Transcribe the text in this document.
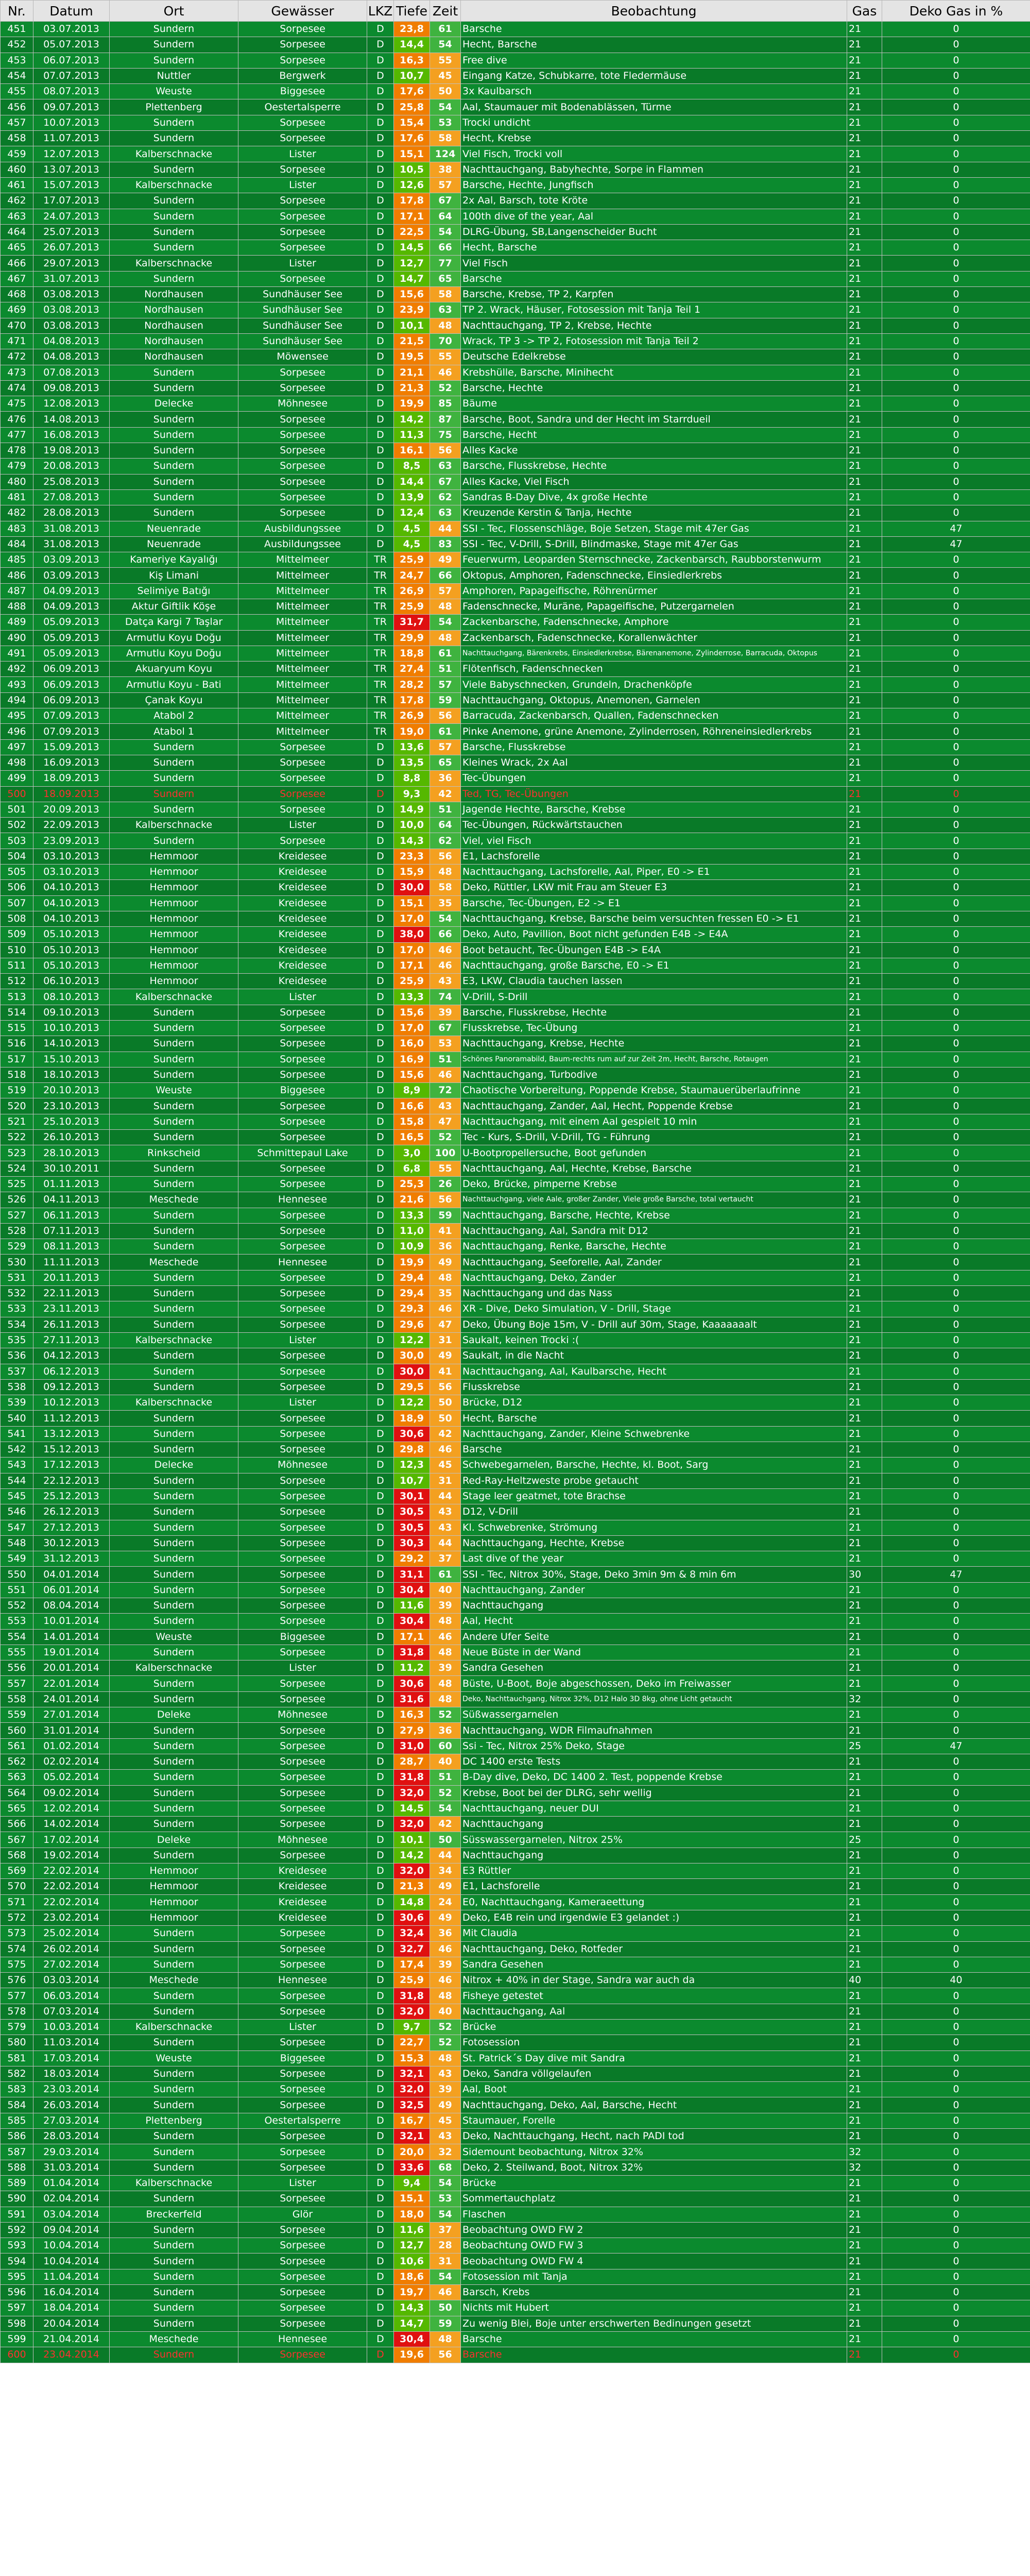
Nr.	Datum	Ort	Gewässer	LKZ	Tiefe	Zeit	Beobachtung	Gas	Deko Gas in %
451	03.07.2013	Sundern	Sorpesee	D	23,8	61	Barsche	21	0
452	05.07.2013	Sundern	Sorpesee	D	14,4	54	Hecht, Barsche	21	0
453	06.07.2013	Sundern	Sorpesee	D	16,3	55	Free dive	21	0
454	07.07.2013	Nuttler	Bergwerk	D	10,7	45	Eingang Katze, Schubkarre, tote Fledermäuse	21	0
455	08.07.2013	Weuste	Biggesee	D	17,6	50	3x Kaulbarsch	21	0
456	09.07.2013	Plettenberg	Oestertalsperre	D	25,8	54	Aal, Staumauer mit Bodenablässen, Türme	21	0
457	10.07.2013	Sundern	Sorpesee	D	15,4	53	Trocki undicht	21	0
458	11.07.2013	Sundern	Sorpesee	D	17,6	58	Hecht, Krebse	21	0
459	12.07.2013	Kalberschnacke	Lister	D	15,1	124	Viel Fisch, Trocki voll	21	0
460	13.07.2013	Sundern	Sorpesee	D	10,5	38	Nachttauchgang, Babyhechte, Sorpe in Flammen	21	0
461	15.07.2013	Kalberschnacke	Lister	D	12,6	57	Barsche, Hechte, Jungfisch	21	0
462	17.07.2013	Sundern	Sorpesee	D	17,8	67	2x Aal, Barsch, tote Kröte	21	0
463	24.07.2013	Sundern	Sorpesee	D	17,1	64	100th dive of the year, Aal	21	0
464	25.07.2013	Sundern	Sorpesee	D	22,5	54	DLRG-Übung, SB,Langenscheider Bucht	21	0
465	26.07.2013	Sundern	Sorpesee	D	14,5	66	Hecht, Barsche	21	0
466	29.07.2013	Kalberschnacke	Lister	D	12,7	77	Viel Fisch	21	0
467	31.07.2013	Sundern	Sorpesee	D	14,7	65	Barsche	21	0
468	03.08.2013	Nordhausen	Sundhäuser See	D	15,6	58	Barsche, Krebse, TP 2, Karpfen	21	0
469	03.08.2013	Nordhausen	Sundhäuser See	D	23,9	63	TP 2. Wrack, Häuser, Fotosession mit Tanja Teil 1	21	0
470	03.08.2013	Nordhausen	Sundhäuser See	D	10,1	48	Nachttauchgang, TP 2, Krebse, Hechte	21	0
471	04.08.2013	Nordhausen	Sundhäuser See	D	21,5	70	Wrack, TP 3 -> TP 2, Fotosession mit Tanja Teil 2	21	0
472	04.08.2013	Nordhausen	Möwensee	D	19,5	55	Deutsche Edelkrebse	21	0
473	07.08.2013	Sundern	Sorpesee	D	21,1	46	Krebshülle, Barsche, Minihecht	21	0
474	09.08.2013	Sundern	Sorpesee	D	21,3	52	Barsche, Hechte	21	0
475	12.08.2013	Delecke	Möhnesee	D	19,9	85	Bäume	21	0
476	14.08.2013	Sundern	Sorpesee	D	14,2	87	Barsche, Boot, Sandra und der Hecht im Starrdueil	21	0
477	16.08.2013	Sundern	Sorpesee	D	11,3	75	Barsche, Hecht	21	0
478	19.08.2013	Sundern	Sorpesee	D	16,1	56	Alles Kacke	21	0
479	20.08.2013	Sundern	Sorpesee	D	8,5	63	Barsche, Flusskrebse, Hechte	21	0
480	25.08.2013	Sundern	Sorpesee	D	14,4	67	Alles Kacke, Viel Fisch	21	0
481	27.08.2013	Sundern	Sorpesee	D	13,9	62	Sandras B-Day Dive, 4x große Hechte	21	0
482	28.08.2013	Sundern	Sorpesee	D	12,4	63	Kreuzende Kerstin & Tanja, Hechte	21	0
483	31.08.2013	Neuenrade	Ausbildungssee	D	4,5	44	SSI - Tec, Flossenschläge, Boje Setzen, Stage mit 47er Gas	21	47
484	31.08.2013	Neuenrade	Ausbildungssee	D	4,5	83	SSI - Tec, V-Drill, S-Drill, Blindmaske, Stage mit 47er Gas	21	47
485	03.09.2013	Kameriye Kayalığı	Mittelmeer	TR	25,9	49	Feuerwurm, Leoparden Sternschnecke, Zackenbarsch, Raubborstenwurm	21	0
486	03.09.2013	Kiş Limani	Mittelmeer	TR	24,7	66	Oktopus, Amphoren, Fadenschnecke, Einsiedlerkrebs	21	0
487	04.09.2013	Selimiye Batığı	Mittelmeer	TR	26,9	57	Amphoren, Papageifische, Röhrenürmer	21	0
488	04.09.2013	Aktur Giftlik Köşe	Mittelmeer	TR	25,9	48	Fadenschnecke, Muräne, Papageifische, Putzergarnelen	21	0
489	05.09.2013	Datça Kargi 7 Taşlar	Mittelmeer	TR	31,7	54	Zackenbarsche, Fadenschnecke, Amphore	21	0
490	05.09.2013	Armutlu Koyu Doğu	Mittelmeer	TR	29,9	48	Zackenbarsch, Fadenschnecke, Korallenwächter	21	0
491	05.09.2013	Armutlu Koyu Doğu	Mittelmeer	TR	18,8	61	Nachttauchgang, Bärenkrebs, Einsiedlerkrebse, Bärenanemone, Zylinderrose, Barracuda, Oktopus	21	0
492	06.09.2013	Akuaryum Koyu	Mittelmeer	TR	27,4	51	Flötenfisch, Fadenschnecken	21	0
493	06.09.2013	Armutlu Koyu - Bati	Mittelmeer	TR	28,2	57	Viele Babyschnecken, Grundeln, Drachenköpfe	21	0
494	06.09.2013	Çanak Koyu	Mittelmeer	TR	17,8	59	Nachttauchgang, Oktopus, Anemonen, Garnelen	21	0
495	07.09.2013	Atabol 2	Mittelmeer	TR	26,9	56	Barracuda, Zackenbarsch, Quallen, Fadenschnecken	21	0
496	07.09.2013	Atabol 1	Mittelmeer	TR	19,0	61	Pinke Anemone, grüne Anemone, Zylinderrosen, Röhreneinsiedlerkrebs	21	0
497	15.09.2013	Sundern	Sorpesee	D	13,6	57	Barsche, Flusskrebse	21	0
498	16.09.2013	Sundern	Sorpesee	D	13,5	65	Kleines Wrack, 2x Aal	21	0
499	18.09.2013	Sundern	Sorpesee	D	8,8	36	Tec-Übungen	21	0
500	18.09.2013	Sundern	Sorpesee	D	9,3	42	Ted, TG, Tec-Übungen	21	0
501	20.09.2013	Sundern	Sorpesee	D	14,9	51	Jagende Hechte, Barsche, Krebse	21	0
502	22.09.2013	Kalberschnacke	Lister	D	10,0	64	Tec-Übungen, Rückwärtstauchen	21	0
503	23.09.2013	Sundern	Sorpesee	D	14,3	62	Viel, viel Fisch	21	0
504	03.10.2013	Hemmoor	Kreidesee	D	23,3	56	E1, Lachsforelle	21	0
505	03.10.2013	Hemmoor	Kreidesee	D	15,9	48	Nachttauchgang, Lachsforelle, Aal, Piper, E0 -> E1	21	0
506	04.10.2013	Hemmoor	Kreidesee	D	30,0	58	Deko, Rüttler, LKW mit Frau am Steuer E3	21	0
507	04.10.2013	Hemmoor	Kreidesee	D	15,1	35	Barsche, Tec-Übungen, E2 -> E1	21	0
508	04.10.2013	Hemmoor	Kreidesee	D	17,0	54	Nachttauchgang, Krebse, Barsche beim versuchten fressen E0 -> E1	21	0
509	05.10.2013	Hemmoor	Kreidesee	D	38,0	66	Deko, Auto, Pavillion, Boot nicht gefunden E4B -> E4A	21	0
510	05.10.2013	Hemmoor	Kreidesee	D	17,0	46	Boot betaucht, Tec-Übungen E4B -> E4A	21	0
511	05.10.2013	Hemmoor	Kreidesee	D	17,1	46	Nachttauchgang, große Barsche, E0 -> E1	21	0
512	06.10.2013	Hemmoor	Kreidesee	D	25,9	43	E3, LKW, Claudia tauchen lassen	21	0
513	08.10.2013	Kalberschnacke	Lister	D	13,3	74	V-Drill, S-Drill	21	0
514	09.10.2013	Sundern	Sorpesee	D	15,6	39	Barsche, Flusskrebse, Hechte	21	0
515	10.10.2013	Sundern	Sorpesee	D	17,0	67	Flusskrebse, Tec-Übung	21	0
516	14.10.2013	Sundern	Sorpesee	D	16,0	53	Nachttauchgang, Krebse, Hechte	21	0
517	15.10.2013	Sundern	Sorpesee	D	16,9	51	Schönes Panoramabild, Baum-rechts rum auf zur Zeit 2m, Hecht, Barsche, Rotaugen	21	0
518	18.10.2013	Sundern	Sorpesee	D	15,6	46	Nachttauchgang, Turbodive	21	0
519	20.10.2013	Weuste	Biggesee	D	8,9	72	Chaotische Vorbereitung, Poppende Krebse, Staumauerüberlaufrinne	21	0
520	23.10.2013	Sundern	Sorpesee	D	16,6	43	Nachttauchgang, Zander, Aal, Hecht, Poppende Krebse	21	0
521	25.10.2013	Sundern	Sorpesee	D	15,8	47	Nachttauchgang, mit einem Aal gespielt 10 min	21	0
522	26.10.2013	Sundern	Sorpesee	D	16,5	52	Tec - Kurs, S-Drill, V-Drill, TG - Führung	21	0
523	28.10.2013	Rinkscheid	Schmittepaul Lake	D	3,0	100	U-Bootpropellersuche, Boot gefunden	21	0
524	30.10.2011	Sundern	Sorpesee	D	6,8	55	Nachttauchgang, Aal, Hechte, Krebse, Barsche	21	0
525	01.11.2013	Sundern	Sorpesee	D	25,3	26	Deko, Brücke, pimperne Krebse	21	0
526	04.11.2013	Meschede	Hennesee	D	21,6	56	Nachttauchgang, viele Aale, großer Zander, Viele große Barsche, total vertaucht	21	0
527	06.11.2013	Sundern	Sorpesee	D	13,3	59	Nachttauchgang, Barsche, Hechte, Krebse	21	0
528	07.11.2013	Sundern	Sorpesee	D	11,0	41	Nachttauchgang, Aal, Sandra mit D12	21	0
529	08.11.2013	Sundern	Sorpesee	D	10,9	36	Nachttauchgang, Renke, Barsche, Hechte	21	0
530	11.11.2013	Meschede	Hennesee	D	19,9	49	Nachttauchgang, Seeforelle, Aal, Zander	21	0
531	20.11.2013	Sundern	Sorpesee	D	29,4	48	Nachttauchgang, Deko, Zander	21	0
532	22.11.2013	Sundern	Sorpesee	D	29,4	35	Nachttauchgang und das Nass	21	0
533	23.11.2013	Sundern	Sorpesee	D	29,3	46	XR - Dive, Deko Simulation, V - Drill, Stage	21	0
534	26.11.2013	Sundern	Sorpesee	D	29,6	47	Deko, Übung Boje 15m, V - Drill auf 30m, Stage, Kaaaaaaalt	21	0
535	27.11.2013	Kalberschnacke	Lister	D	12,2	31	Saukalt, keinen Trocki :(	21	0
536	04.12.2013	Sundern	Sorpesee	D	30,0	49	Saukalt, in die Nacht	21	0
537	06.12.2013	Sundern	Sorpesee	D	30,0	41	Nachttauchgang, Aal, Kaulbarsche, Hecht	21	0
538	09.12.2013	Sundern	Sorpesee	D	29,5	56	Flusskrebse	21	0
539	10.12.2013	Kalberschnacke	Lister	D	12,2	50	Brücke, D12	21	0
540	11.12.2013	Sundern	Sorpesee	D	18,9	50	Hecht, Barsche	21	0
541	13.12.2013	Sundern	Sorpesee	D	30,6	42	Nachttauchgang, Zander, Kleine Schwebrenke	21	0
542	15.12.2013	Sundern	Sorpesee	D	29,8	46	Barsche	21	0
543	17.12.2013	Delecke	Möhnesee	D	12,3	45	Schwebegarnelen, Barsche, Hechte, kl. Boot, Sarg	21	0
544	22.12.2013	Sundern	Sorpesee	D	10,7	31	Red-Ray-Heltzweste probe getaucht	21	0
545	25.12.2013	Sundern	Sorpesee	D	30,1	44	Stage leer geatmet, tote Brachse	21	0
546	26.12.2013	Sundern	Sorpesee	D	30,5	43	D12, V-Drill	21	0
547	27.12.2013	Sundern	Sorpesee	D	30,5	43	Kl. Schwebrenke, Strömung	21	0
548	30.12.2013	Sundern	Sorpesee	D	30,3	44	Nachttauchgang, Hechte, Krebse	21	0
549	31.12.2013	Sundern	Sorpesee	D	29,2	37	Last dive of the year	21	0
550	04.01.2014	Sundern	Sorpesee	D	31,1	61	SSI - Tec, Nitrox 30%, Stage, Deko 3min 9m & 8 min 6m	30	47
551	06.01.2014	Sundern	Sorpesee	D	30,4	40	Nachttauchgang, Zander	21	0
552	08.04.2014	Sundern	Sorpesee	D	11,6	39	Nachttauchgang	21	0
553	10.01.2014	Sundern	Sorpesee	D	30,4	48	Aal, Hecht	21	0
554	14.01.2014	Weuste	Biggesee	D	17,1	46	Andere Ufer Seite	21	0
555	19.01.2014	Sundern	Sorpesee	D	31,8	48	Neue Büste in der Wand	21	0
556	20.01.2014	Kalberschnacke	Lister	D	11,2	39	Sandra Gesehen	21	0
557	22.01.2014	Sundern	Sorpesee	D	30,6	48	Büste, U-Boot, Boje abgeschossen, Deko im Freiwasser	21	0
558	24.01.2014	Sundern	Sorpesee	D	31,6	48	Deko, Nachttauchgang, Nitrox 32%, D12 Halo 3D 8kg, ohne Licht getaucht	32	0
559	27.01.2014	Deleke	Möhnesee	D	16,3	52	Süßwassergarnelen	21	0
560	31.01.2014	Sundern	Sorpesee	D	27,9	36	Nachttauchgang, WDR Filmaufnahmen	21	0
561	01.02.2014	Sundern	Sorpesee	D	31,0	60	Ssi - Tec, Nitrox 25% Deko, Stage	25	47
562	02.02.2014	Sundern	Sorpesee	D	28,7	40	DC 1400 erste Tests	21	0
563	05.02.2014	Sundern	Sorpesee	D	31,8	51	B-Day dive, Deko, DC 1400 2. Test, poppende Krebse	21	0
564	09.02.2014	Sundern	Sorpesee	D	32,0	52	Krebse, Boot bei der DLRG, sehr wellig	21	0
565	12.02.2014	Sundern	Sorpesee	D	14,5	54	Nachttauchgang, neuer DUI	21	0
566	14.02.2014	Sundern	Sorpesee	D	32,0	42	Nachttauchgang	21	0
567	17.02.2014	Deleke	Möhnesee	D	10,1	50	Süsswassergarnelen, Nitrox 25%	25	0
568	19.02.2014	Sundern	Sorpesee	D	14,2	44	Nachttauchgang	21	0
569	22.02.2014	Hemmoor	Kreidesee	D	32,0	34	E3 Rüttler	21	0
570	22.02.2014	Hemmoor	Kreidesee	D	21,3	49	E1, Lachsforelle	21	0
571	22.02.2014	Hemmoor	Kreidesee	D	14,8	24	E0, Nachttauchgang, Kameraeettung	21	0
572	23.02.2014	Hemmoor	Kreidesee	D	30,6	49	Deko, E4B rein und irgendwie E3 gelandet :)	21	0
573	25.02.2014	Sundern	Sorpesee	D	32,4	36	Mit Claudia	21	0
574	26.02.2014	Sundern	Sorpesee	D	32,7	46	Nachttauchgang, Deko, Rotfeder	21	0
575	27.02.2014	Sundern	Sorpesee	D	17,4	39	Sandra Gesehen	21	0
576	03.03.2014	Meschede	Hennesee	D	25,9	46	Nitrox + 40% in der Stage, Sandra war auch da	40	40
577	06.03.2014	Sundern	Sorpesee	D	31,8	48	Fisheye getestet	21	0
578	07.03.2014	Sundern	Sorpesee	D	32,0	40	Nachttauchgang, Aal	21	0
579	10.03.2014	Kalberschnacke	Lister	D	9,7	52	Brücke	21	0
580	11.03.2014	Sundern	Sorpesee	D	22,7	52	Fotosession	21	0
581	17.03.2014	Weuste	Biggesee	D	15,3	48	St. Patrick´s Day dive mit Sandra	21	0
582	18.03.2014	Sundern	Sorpesee	D	32,1	43	Deko, Sandra völlgelaufen	21	0
583	23.03.2014	Sundern	Sorpesee	D	32,0	39	Aal, Boot	21	0
584	26.03.2014	Sundern	Sorpesee	D	32,5	49	Nachttauchgang, Deko, Aal, Barsche, Hecht	21	0
585	27.03.2014	Plettenberg	Oestertalsperre	D	16,7	45	Staumauer, Forelle	21	0
586	28.03.2014	Sundern	Sorpesee	D	32,1	43	Deko, Nachttauchgang, Hecht, nach PADI tod	21	0
587	29.03.2014	Sundern	Sorpesee	D	20,0	32	Sidemount beobachtung, Nitrox 32%	32	0
588	31.03.2014	Sundern	Sorpesee	D	33,6	68	Deko, 2. Steilwand, Boot, Nitrox 32%	32	0
589	01.04.2014	Kalberschnacke	Lister	D	9,4	54	Brücke	21	0
590	02.04.2014	Sundern	Sorpesee	D	15,1	53	Sommertauchplatz	21	0
591	03.04.2014	Breckerfeld	Glör	D	18,0	54	Flaschen	21	0
592	09.04.2014	Sundern	Sorpesee	D	11,6	37	Beobachtung OWD FW 2	21	0
593	10.04.2014	Sundern	Sorpesee	D	12,7	28	Beobachtung OWD FW 3	21	0
594	10.04.2014	Sundern	Sorpesee	D	10,6	31	Beobachtung OWD FW 4	21	0
595	11.04.2014	Sundern	Sorpesee	D	18,6	54	Fotosession mit Tanja	21	0
596	16.04.2014	Sundern	Sorpesee	D	19,7	46	Barsch, Krebs	21	0
597	18.04.2014	Sundern	Sorpesee	D	14,3	50	Nichts mit Hubert	21	0
598	20.04.2014	Sundern	Sorpesee	D	14,7	59	Zu wenig Blei, Boje unter erschwerten Bedinungen gesetzt	21	0
599	21.04.2014	Meschede	Hennesee	D	30,4	48	Barsche	21	0
600	23.04.2014	Sundern	Sorpesee	D	19,6	56	Barsche	21	0
